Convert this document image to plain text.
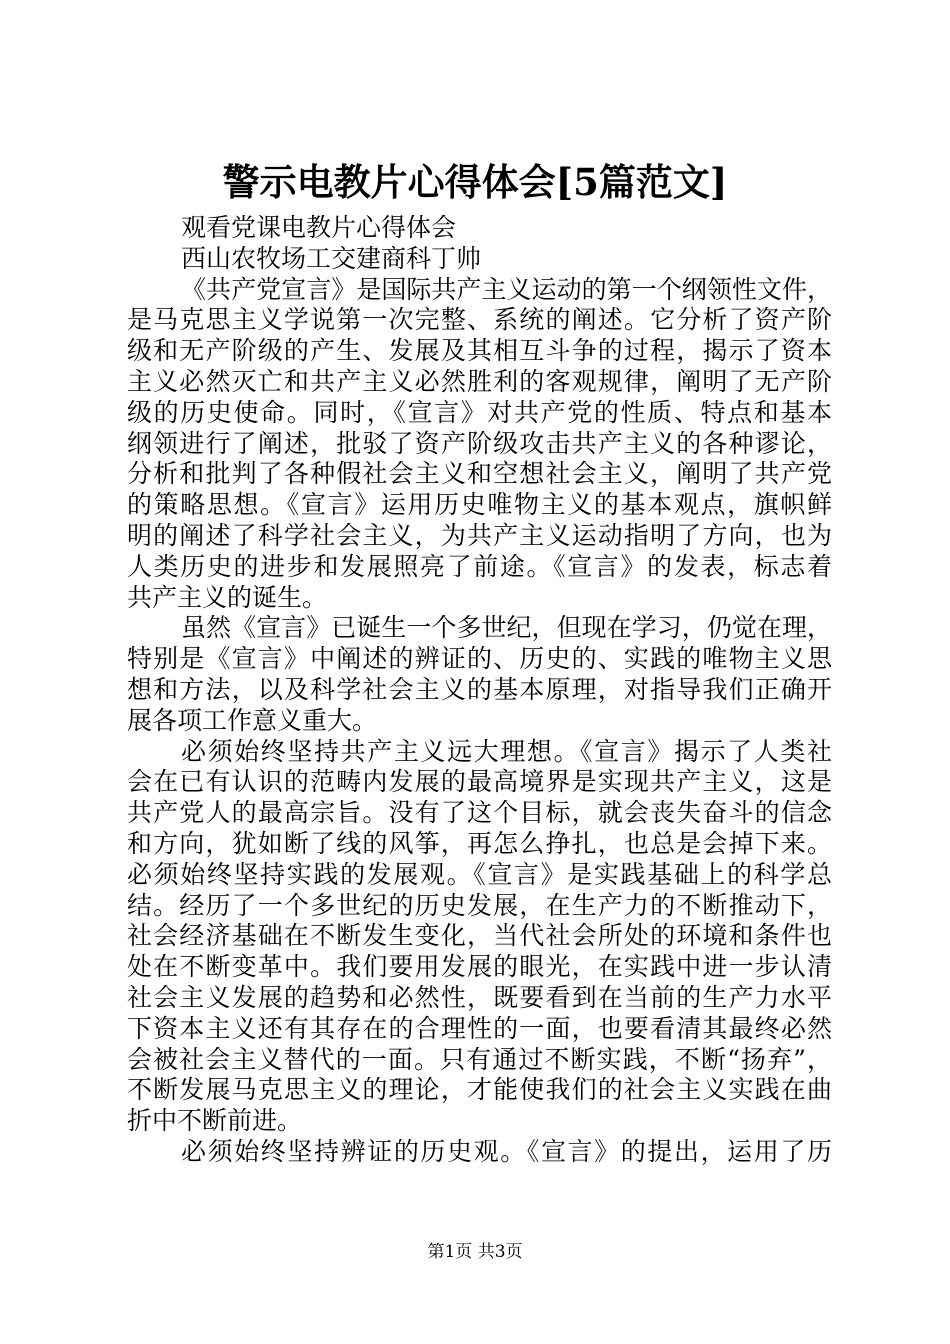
警示电教片心得体会[5篇范文]
观看党课电教片心得体会
西山农牧场工交建商科丁帅
《共产党宣言》是国际共产主义运动的第一个纲领性文件，
是马克思主义学说第一次完整、系统的阐述。它分析了资产阶
级和无产阶级的产生、发展及其相互斗争的过程，揭示了资本
主义必然灭亡和共产主义必然胜利的客观规律，阐明了无产阶
级的历史使命。同时，《宣言》对共产党的性质、特点和基本
纲领进行了阐述，批驳了资产阶级攻击共产主义的各种谬论，
分析和批判了各种假社会主义和空想社会主义，阐明了共产党
的策略思想。《宣言》运用历史唯物主义的基本观点，旗帜鲜
明的阐述了科学社会主义，为共产主义运动指明了方向，也为
人类历史的进步和发展照亮了前途。《宣言》的发表，标志着
共产主义的诞生。
虽然《宣言》已诞生一个多世纪，但现在学习，仍觉在理，
特别是《宣言》中阐述的辨证的、历史的、实践的唯物主义思
想和方法，以及科学社会主义的基本原理，对指导我们正确开
展各项工作意义重大。
必须始终坚持共产主义远大理想。《宣言》揭示了人类社
会在已有认识的范畴内发展的最高境界是实现共产主义，这是
共产党人的最高宗旨。没有了这个目标，就会丧失奋斗的信念
和方向，犹如断了线的风筝，再怎么挣扎，也总是会掉下来。
必须始终坚持实践的发展观。《宣言》是实践基础上的科学总
结。经历了一个多世纪的历史发展，在生产力的不断推动下，
社会经济基础在不断发生变化，当代社会所处的环境和条件也
处在不断变革中。我们要用发展的眼光，在实践中进一步认清
社会主义发展的趋势和必然性，既要看到在当前的生产力水平
下资本主义还有其存在的合理性的一面，也要看清其最终必然
会被社会主义替代的一面。只有通过不断实践，不断“扬弃”，
不断发展马克思主义的理论，才能使我们的社会主义实践在曲
折中不断前进。
必须始终坚持辨证的历史观。《宣言》的提出，运用了历
第1页 共3页
